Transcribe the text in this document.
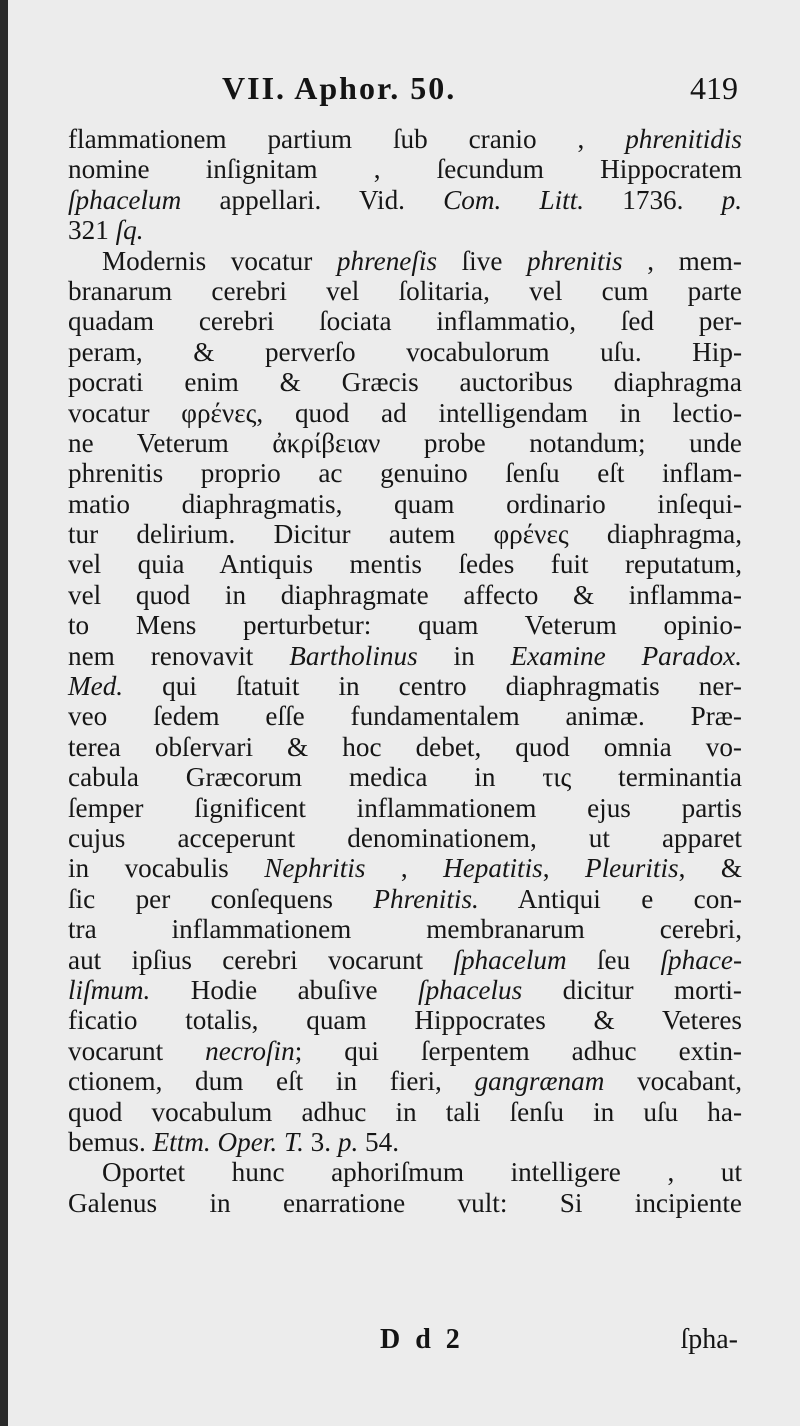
VII. Aphor. 50.	419
flammationem partium ſub cranio , phrenitidis
nomine inſignitam , ſecundum Hippocratem
ſphacelum appellari. Vid. Com. Litt. 1736. p.
321 ſq.
Modernis vocatur phreneſis ſive phrenitis , mem-
branarum cerebri vel ſolitaria, vel cum parte
quadam cerebri ſociata inflammatio, ſed per-
peram, & perverſo vocabulorum uſu. Hip-
pocrati enim & Græcis auctoribus diaphragma
vocatur φρένες, quod ad intelligendam in lectio-
ne Veterum ἀκρίβειαν probe notandum; unde
phrenitis proprio ac genuino ſenſu eſt inflam-
matio diaphragmatis, quam ordinario inſequi-
tur delirium. Dicitur autem φρένες diaphragma,
vel quia Antiquis mentis ſedes fuit reputatum,
vel quod in diaphragmate affecto & inflamma-
to Mens perturbetur: quam Veterum opinio-
nem renovavit Bartholinus in Examine Paradox.
Med. qui ſtatuit in centro diaphragmatis ner-
veo ſedem eſſe fundamentalem animæ. Præ-
terea obſervari & hoc debet, quod omnia vo-
cabula Græcorum medica in τις terminantia
ſemper ſignificent inflammationem ejus partis
cujus acceperunt denominationem, ut apparet
in vocabulis Nephritis , Hepatitis, Pleuritis, &
ſic per conſequens Phrenitis. Antiqui e con-
tra inflammationem membranarum cerebri,
aut ipſius cerebri vocarunt ſphacelum ſeu ſphace-
liſmum. Hodie abuſive ſphacelus dicitur morti-
ficatio totalis, quam Hippocrates & Veteres
vocarunt necroſin; qui ſerpentem adhuc extin-
ctionem, dum eſt in fieri, gangrænam vocabant,
quod vocabulum adhuc in tali ſenſu in uſu ha-
bemus. Ettm. Oper. T. 3. p. 54.
Oportet hunc aphoriſmum intelligere , ut
Galenus in enarratione vult: Si incipiente
D d 2	ſpha-
